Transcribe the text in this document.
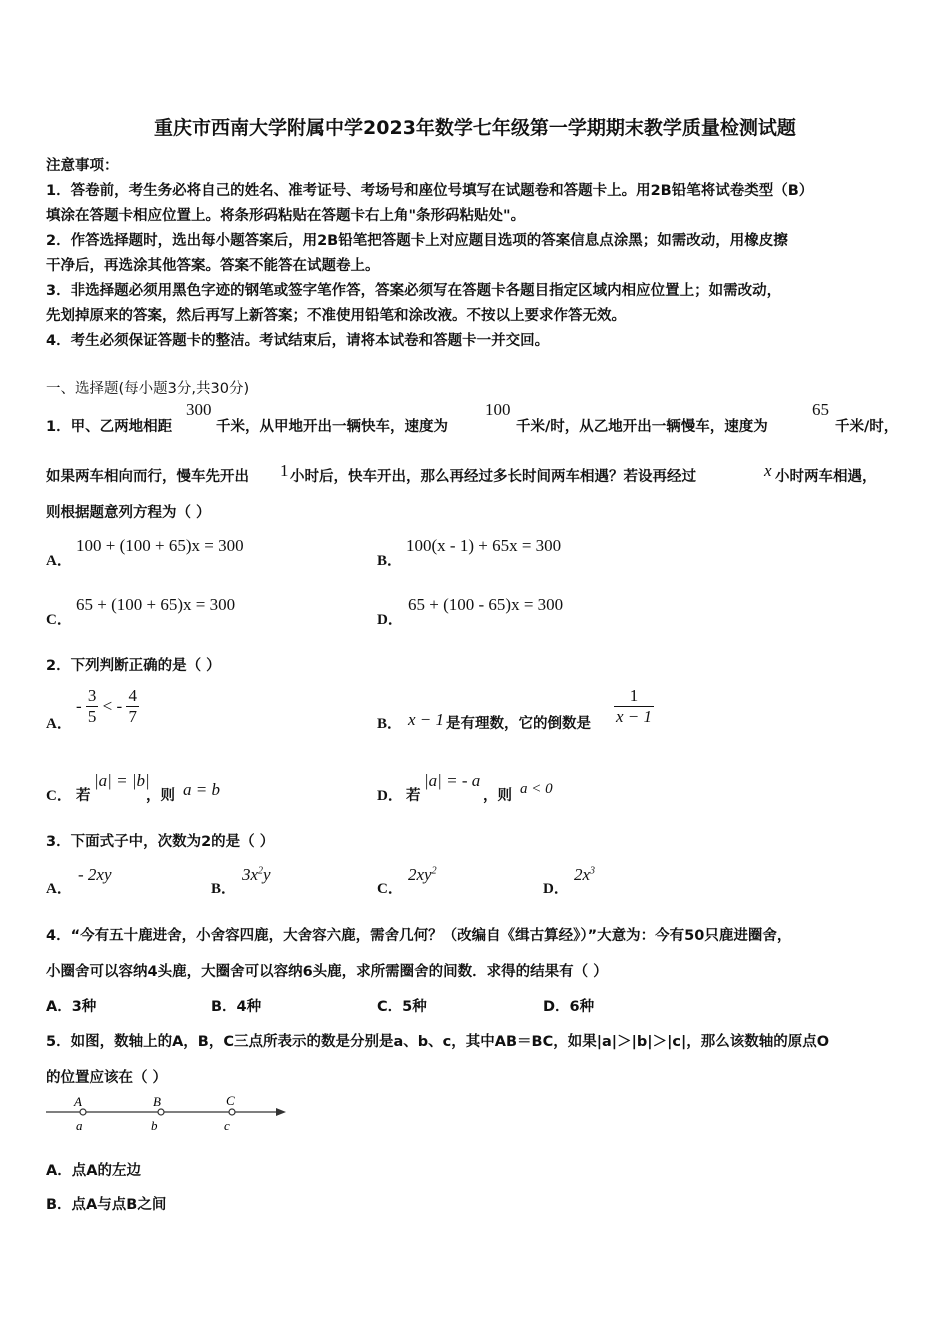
重庆市西南大学附属中学2023年数学七年级第一学期期末教学质量检测试题
注意事项：
1．答卷前，考生务必将自己的姓名、准考证号、考场号和座位号填写在试题卷和答题卡上。用2B铅笔将试卷类型（B）
填涂在答题卡相应位置上。将条形码粘贴在答题卡右上角"条形码粘贴处"。
2．作答选择题时，选出每小题答案后，用2B铅笔把答题卡上对应题目选项的答案信息点涂黑；如需改动，用橡皮擦
干净后，再选涂其他答案。答案不能答在试题卷上。
3．非选择题必须用黑色字迹的钢笔或签字笔作答，答案必须写在答题卡各题目指定区域内相应位置上；如需改动，
先划掉原来的答案，然后再写上新答案；不准使用铅笔和涂改液。不按以上要求作答无效。
4．考生必须保证答题卡的整洁。考试结束后，请将本试卷和答题卡一并交回。
一、选择题(每小题3分,共30分)
1．甲、乙两地相距
300
千米，从甲地开出一辆快车，速度为
100
千米/时，从乙地开出一辆慢车，速度为
65
千米/时，
如果两车相向而行，慢车先开出 1 小时后，快车开出，那么再经过多长时间两车相遇？若设再经过	x 小时两车相遇，
则根据题意列方程为（ ）
A．
100 + (100 + 65)x = 300
B．
100(x - 1) + 65x = 300
C．
65 + (100 + 65)x = 300
D．
65 + (100 - 65)x = 300
2．下列判断正确的是（ ）
A．
- $\frac{3}{5}$ < - $\frac{4}{7}$	B． x − 1 是有理数，它的倒数是 $\frac{1}{x - 1}$
C． 若
|a| = |b|
，则 a = b	D． 若
|a| = - a
，则 a < 0
3．下面式子中，次数为2的是（ ）
A．
- 2xy
B．
$3x^2y$
C．
$2xy^2$
D．
$2x^3$
4．“今有五十鹿进舍，小舍容四鹿，大舍容六鹿，需舍几何？（改编自《缉古算经》）”大意为：今有50只鹿进圈舍，
小圈舍可以容纳4头鹿，大圈舍可以容纳6头鹿，求所需圈舍的间数．求得的结果有（ ）
A．3种	B．4种	C．5种	D．6种
5．如图，数轴上的A，B，C三点所表示的数是分别是a、b、c，其中AB＝BC，如果|a|＞|b|＞|c|，那么该数轴的原点O
的位置应该在（ ）
A	B	C
a	b	c
A．点A的左边
B．点A与点B之间
